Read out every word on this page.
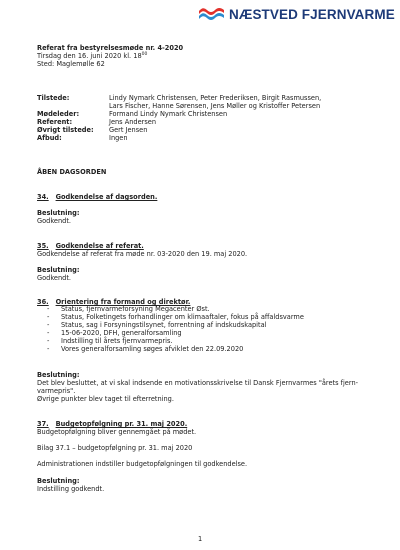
NÆSTVED FJERNVARME
Referat fra bestyrelsesmøde nr. 4-2020
Tirsdag den 16. juni 2020 kl. $18^{00}$
Sted: Maglemølle 62
Tilstede:	Lindy Nymark Christensen, Peter Frederiksen, Birgit Rasmussen,
Lars Fischer, Hanne Sørensen, Jens Møller og Kristoffer Petersen
Mødeleder:	Formand Lindy Nymark Christensen
Referent:	Jens Andersen
Øvrigt tilstede:	Gert Jensen
Afbud:	Ingen
ÅBEN DAGSORDEN
34. Godkendelse af dagsorden.
Beslutning:
Godkendt.
35. Godkendelse af referat.
Godkendelse af referat fra møde nr. 03-2020 den 19. maj 2020.
Beslutning:
Godkendt.
36. Orientering fra formand og direktør.
- Status, fjernvarmeforsyning Megacenter Øst.
- Status, Folketingets forhandlinger om klimaaftaler, fokus på affaldsvarme
- Status, sag i Forsyningstilsynet, forrentning af indskudskapital
- 15-06-2020, DFH, generalforsamling
- Indstilling til årets fjernvarmepris.
- Vores generalforsamling søges afviklet den 22.09.2020
Beslutning:
Det blev besluttet, at vi skal indsende en motivationsskrivelse til Dansk Fjernvarmes "årets fjern-
varmepris".
Øvrige punkter blev taget til efterretning.
37. Budgetopfølgning pr. 31. maj 2020.
Budgetopfølgning bliver gennemgået på mødet.
Bilag 37.1 – budgetopfølgning pr. 31. maj 2020
Administrationen indstiller budgetopfølgningen til godkendelse.
Beslutning:
Indstilling godkendt.
1
